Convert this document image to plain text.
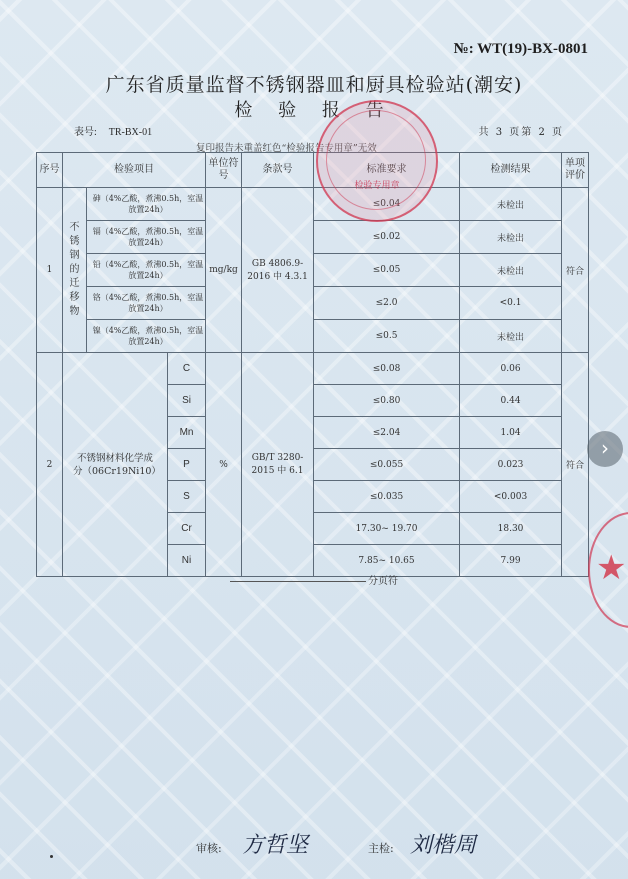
№: WT(19)-BX-0801
广东省质量监督不锈钢器皿和厨具检验站(潮安)
检 验 报 告
表号: TR-BX-01	共 3 页第 2 页
复印报告未重盖红色“检验报告专用章”无效
序号	检验项目			单位符号	条款号	标准要求	检测结果	单项评价
1	不锈钢的迁移物	砷（4%乙酸，煮沸0.5h，室温放置24h）		mg/kg	GB 4806.9-2016 中 4.3.1	≤0.04	未检出	符合
		镉（4%乙酸，煮沸0.5h，室温放置24h）				≤0.02	未检出	
		铅（4%乙酸，煮沸0.5h，室温放置24h）				≤0.05	未检出	
		铬（4%乙酸，煮沸0.5h，室温放置24h）				≤2.0	<0.1	
		镍（4%乙酸，煮沸0.5h，室温放置24h）				≤0.5	未检出	
2	不锈钢材料化学成分（06Cr19Ni10）		C	%	GB/T 3280-2015 中 6.1	≤0.08	0.06	符合
			Si			≤0.80	0.44	
			Mn			≤2.04	1.04	
			P			≤0.055	0.023	
			S			≤0.035	<0.003	
			Cr			17.30~ 19.70	18.30	
			Ni			7.85~ 10.65	7.99	
分页符
检验专用章
★
审核: 方哲坚	主检: 刘楷周
›
